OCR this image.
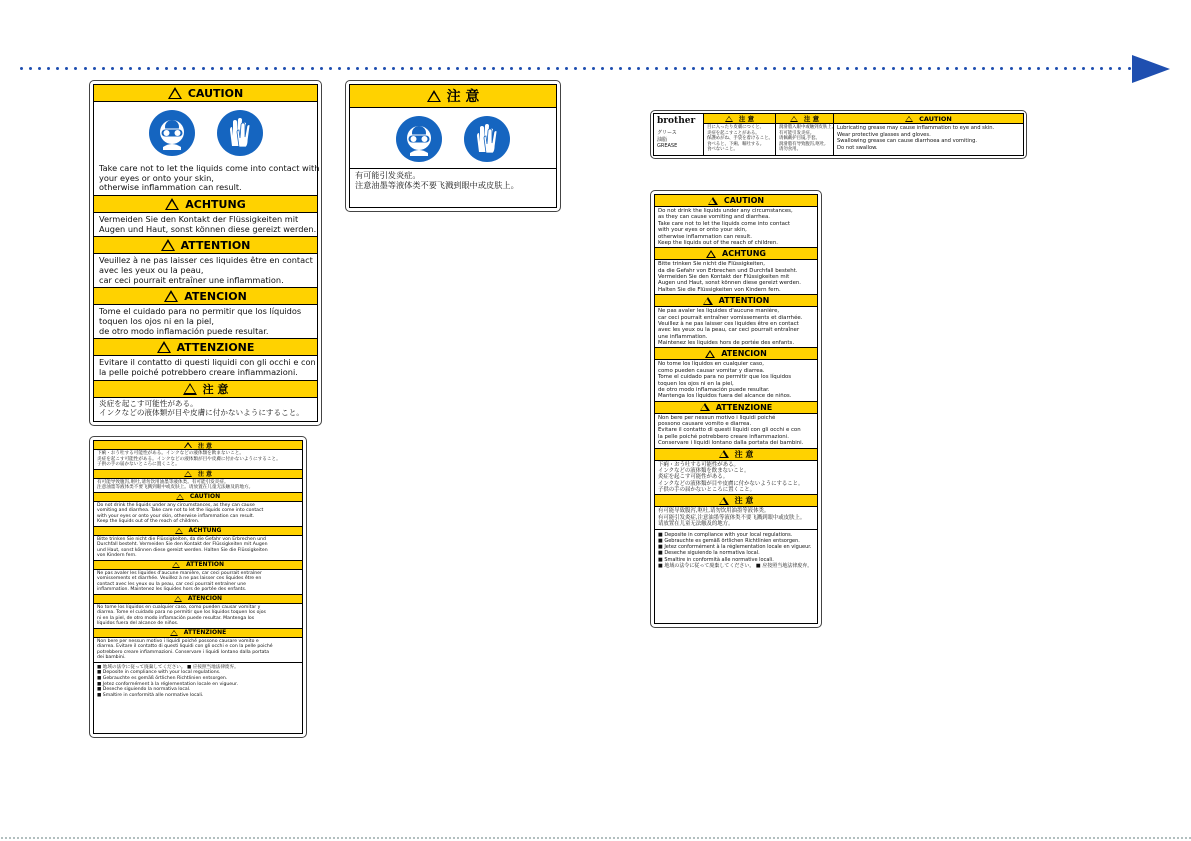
CAUTION
Take care not to let the liquids come into contact with
your eyes or onto your skin,
otherwise inflammation can result.
ACHTUNG
Vermeiden Sie den Kontakt der Flüssigkeiten mit
Augen und Haut, sonst können diese gereizt werden.
ATTENTION
Veuillez à ne pas laisser ces liquides être en contact
avec les yeux ou la peau,
car ceci pourrait entraîner une inflammation.
ATENCION
Tome el cuidado para no permitir que los líquidos
toquen los ojos ni en la piel,
de otro modo inflamación puede resultar.
ATTENZIONE
Evitare il contatto di questi liquidi con gli occhi e con
la pelle poiché potrebbero creare infiammazioni.
注 意
炎症を起こす可能性がある。
インクなどの液体類が目や皮膚に付かないようにすること。
注 意
下痢・おう吐する可能性がある。インクなどの液体類を飲まないこと。
炎症を起こす可能性がある。インクなどの液体類が目や皮膚に付かないようにすること。
子供の手の届かないところに置くこと。
注 意
有可能导致腹泻,呕吐,请勿饮用油墨等液体类。有可能引发炎症。
注意油墨等液体类不要飞溅到眼中或皮肤上。请放置在儿童无法触及的地方。
CAUTION
Do not drink the liquids under any circumstances, as they can cause
vomiting and diarrhea. Take care not to let the liquids come into contact
with your eyes or onto your skin, otherwise inflammation can result.
Keep the liquids out of the reach of children.
ACHTUNG
Bitte trinken Sie nicht die Flüssigkeiten, da die Gefahr von Erbrechen und
Durchfall besteht. Vermeiden Sie den Kontakt der Flüssigkeiten mit Augen
und Haut, sonst können diese gereizt werden. Halten Sie die Flüssigkeiten
von Kindern fern.
ATTENTION
Ne pas avaler les liquides d'aucune manière, car ceci pourrait entraîner
vomissements et diarrhée. Veuillez à ne pas laisser ces liquides être en
contact avec les yeux ou la peau, car ceci pourrait entraîner une
inflammation. Maintenez les liquides hors de portée des enfants.
ATENCION
No tome los líquidos en cualquier caso, como pueden causar vomitar y
diarrea. Tome el cuidado para no permitir que los líquidos toquen los ojos
ni en la piel, de otro modo inflamación puede resultar. Mantenga los
líquidos fuera del alcance de niños.
ATTENZIONE
Non bere per nessun motivo i liquidi poiché possono causare vomito e
diarrea. Evitare il contatto di questi liquidi con gli occhi e con la pelle poiché
potrebbero creare infiammazioni. Conservare i liquidi lontano dalla portata
dei bambini.
■ 地域の法令に従って廃棄してください。 ■ 应按照当地法律废弃。
■ Deposite in compliance with your local regulations.
■ Gebrauchte es gemäß örtlichen Richtlinien entsorgen.
■ Jetez conformément à la réglementation locale en vigueur.
■ Deseche siguiendo la normativa local.
■ Smaltire in conformità alle normative locali.
注 意
有可能引发炎症。
注意油墨等液体类不要飞溅到眼中或皮肤上。
brother
グリース
油脂
GREASE
注 意
目に入ったり皮膚につくと、
炎症を起こすことがある。
保護めがね、手袋を着けること。
食べると、下痢、嘔吐する。
食べないこと。
注 意
润滑脂入眼中或触到皮肤上,
有可能引发炎症。
请佩戴护目镜,手套。
润滑脂有导致腹泻,呕吐,
请勿食用。
CAUTION
Lubricating grease may cause inflammation to eye and skin.
Wear protective glasses and gloves.
Swallowing grease can cause diarrhoea and vomiting.
Do not swallow.
CAUTION
Do not drink the liquids under any circumstances,
as they can cause vomiting and diarrhea.
Take care not to let the liquids come into contact
with your eyes or onto your skin,
otherwise inflammation can result.
Keep the liquids out of the reach of children.
ACHTUNG
Bitte trinken Sie nicht die Flüssigkeiten,
da die Gefahr von Erbrechen und Durchfall besteht.
Vermeiden Sie den Kontakt der Flüssigkeiten mit
Augen und Haut, sonst können diese gereizt werden.
Halten Sie die Flüssigkeiten von Kindern fern.
ATTENTION
Ne pas avaler les liquides d'aucune manière,
car ceci pourrait entraîner vomissements et diarrhée.
Veuillez à ne pas laisser ces liquides être en contact
avec les yeux ou la peau, car ceci pourrait entraîner
une inflammation.
Maintenez les liquides hors de portée des enfants.
ATENCION
No tome los líquidos en cualquier caso,
como pueden causar vomitar y diarrea.
Tome el cuidado para no permitir que los líquidos
toquen los ojos ni en la piel,
de otro modo inflamación puede resultar.
Mantenga los líquidos fuera del alcance de niños.
ATTENZIONE
Non bere per nessun motivo i liquidi poiché
possono causare vomito e diarrea.
Evitare il contatto di questi liquidi con gli occhi e con
la pelle poiché potrebbero creare infiammazioni.
Conservare i liquidi lontano dalla portata dei bambini.
注 意
下痢・おう吐する可能性がある。
インクなどの液体類を飲まないこと。
炎症を起こす可能性がある。
インクなどの液体類が目や皮膚に付かないようにすること。
子供の手の届かないところに置くこと。
注 意
有可能导致腹泻,呕吐,请勿饮用油墨等液体类。
有可能引发炎症,注意油墨等液体类不要飞溅到眼中或皮肤上。
请放置在儿童无法触及的地方。
■ Deposite in compliance with your local regulations.
■ Gebrauchte es gemäß örtlichen Richtlinien entsorgen.
■ Jetez conformément à la réglementation locale en vigueur.
■ Deseche siguiendo la normativa local.
■ Smaltire in conformità alle normative locali.
■ 地域の法令に従って廃棄してください。 ■ 应按照当地法律废弃。
